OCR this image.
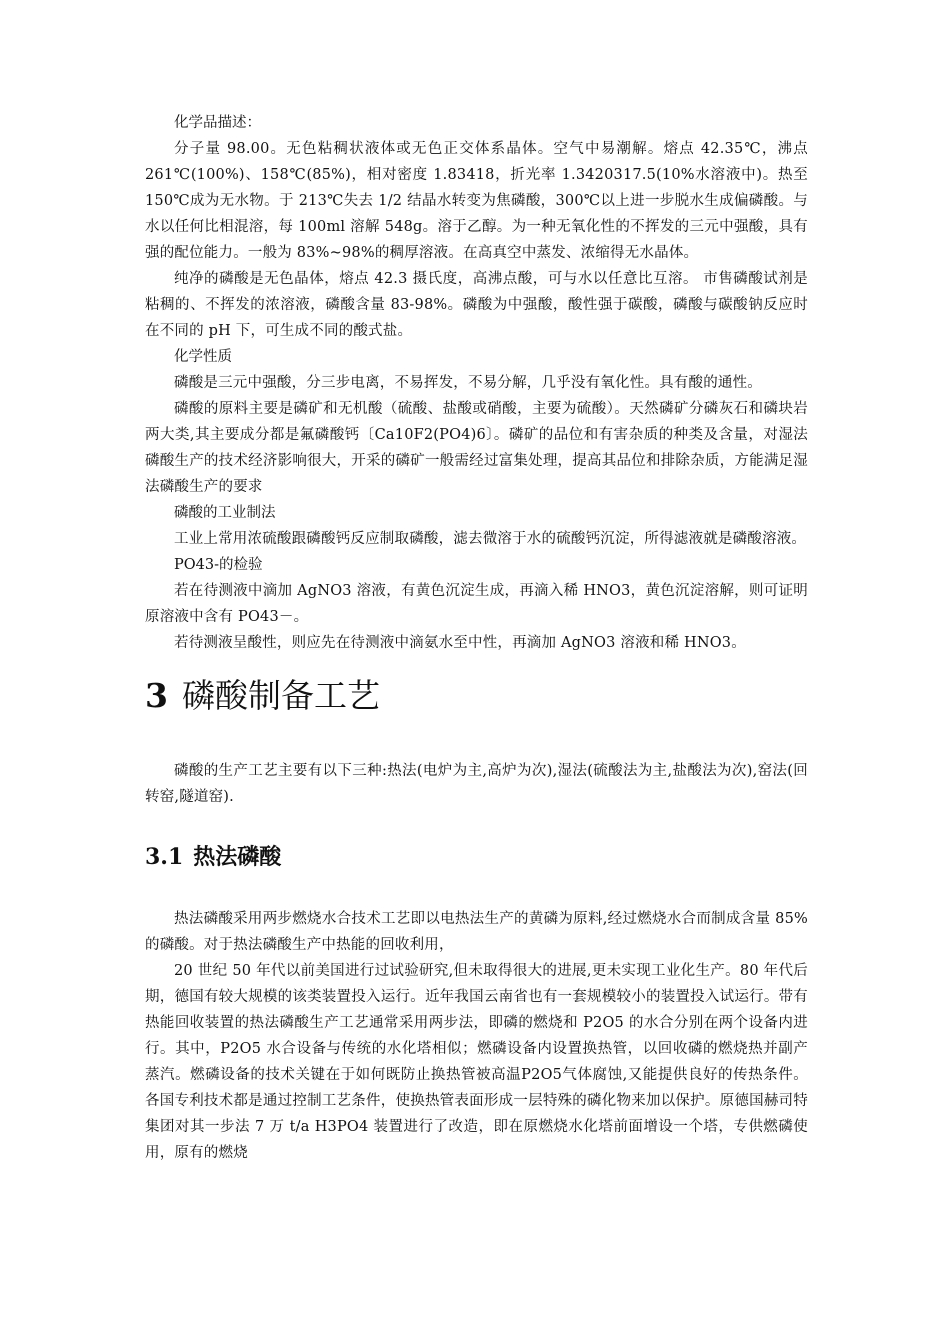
化学品描述：

分子量 98.00。无色粘稠状液体或无色正交体系晶体。空气中易潮解。熔点 42.35℃，沸点 261℃(100%)、158℃(85%)，相对密度 1.83418，折光率 1.3420317.5(10%水溶液中)。热至 150℃成为无水物。于 213℃失去 1/2 结晶水转变为焦磷酸，300℃以上进一步脱水生成偏磷酸。与水以任何比相混溶，每 100ml 溶解 548g。溶于乙醇。为一种无氧化性的不挥发的三元中强酸，具有强的配位能力。一般为 83%~98%的稠厚溶液。在高真空中蒸发、浓缩得无水晶体。

纯净的磷酸是无色晶体，熔点 42.3 摄氏度，高沸点酸，可与水以任意比互溶。 市售磷酸试剂是粘稠的、不挥发的浓溶液，磷酸含量 83-98%。磷酸为中强酸，酸性强于碳酸，磷酸与碳酸钠反应时在不同的 pH 下，可生成不同的酸式盐。

化学性质

磷酸是三元中强酸，分三步电离，不易挥发，不易分解，几乎没有氧化性。具有酸的通性。

磷酸的原料主要是磷矿和无机酸（硫酸、盐酸或硝酸，主要为硫酸）。天然磷矿分磷灰石和磷块岩两大类,其主要成分都是氟磷酸钙〔Ca10F2(PO4)6〕。磷矿的品位和有害杂质的种类及含量，对湿法磷酸生产的技术经济影响很大，开采的磷矿一般需经过富集处理，提高其品位和排除杂质，方能满足湿法磷酸生产的要求

磷酸的工业制法

工业上常用浓硫酸跟磷酸钙反应制取磷酸，滤去微溶于水的硫酸钙沉淀，所得滤液就是磷酸溶液。

PO43-的检验

若在待测液中滴加 AgNO3 溶液，有黄色沉淀生成，再滴入稀 HNO3，黄色沉淀溶解，则可证明原溶液中含有 PO43－。

若待测液呈酸性，则应先在待测液中滴氨水至中性，再滴加 AgNO3 溶液和稀 HNO3。

3 磷酸制备工艺

磷酸的生产工艺主要有以下三种:热法(电炉为主,高炉为次),湿法(硫酸法为主,盐酸法为次),窑法(回转窑,隧道窑).

3.1 热法磷酸

热法磷酸采用两步燃烧水合技术工艺即以电热法生产的黄磷为原料,经过燃烧水合而制成含量 85%的磷酸。对于热法磷酸生产中热能的回收利用，

20 世纪 50 年代以前美国进行过试验研究,但未取得很大的进展,更未实现工业化生产。80 年代后期，德国有较大规模的该类装置投入运行。近年我国云南省也有一套规模较小的装置投入试运行。带有热能回收装置的热法磷酸生产工艺通常采用两步法，即磷的燃烧和 P2O5 的水合分别在两个设备内进行。其中，P2O5 水合设备与传统的水化塔相似；燃磷设备内设置换热管，以回收磷的燃烧热并副产蒸汽。燃磷设备的技术关键在于如何既防止换热管被高温P2O5气体腐蚀,又能提供良好的传热条件。各国专利技术都是通过控制工艺条件，使换热管表面形成一层特殊的磷化物来加以保护。原德国赫司特集团对其一步法 7 万 t/a H3PO4 装置进行了改造，即在原燃烧水化塔前面增设一个塔，专供燃磷使用，原有的燃烧
